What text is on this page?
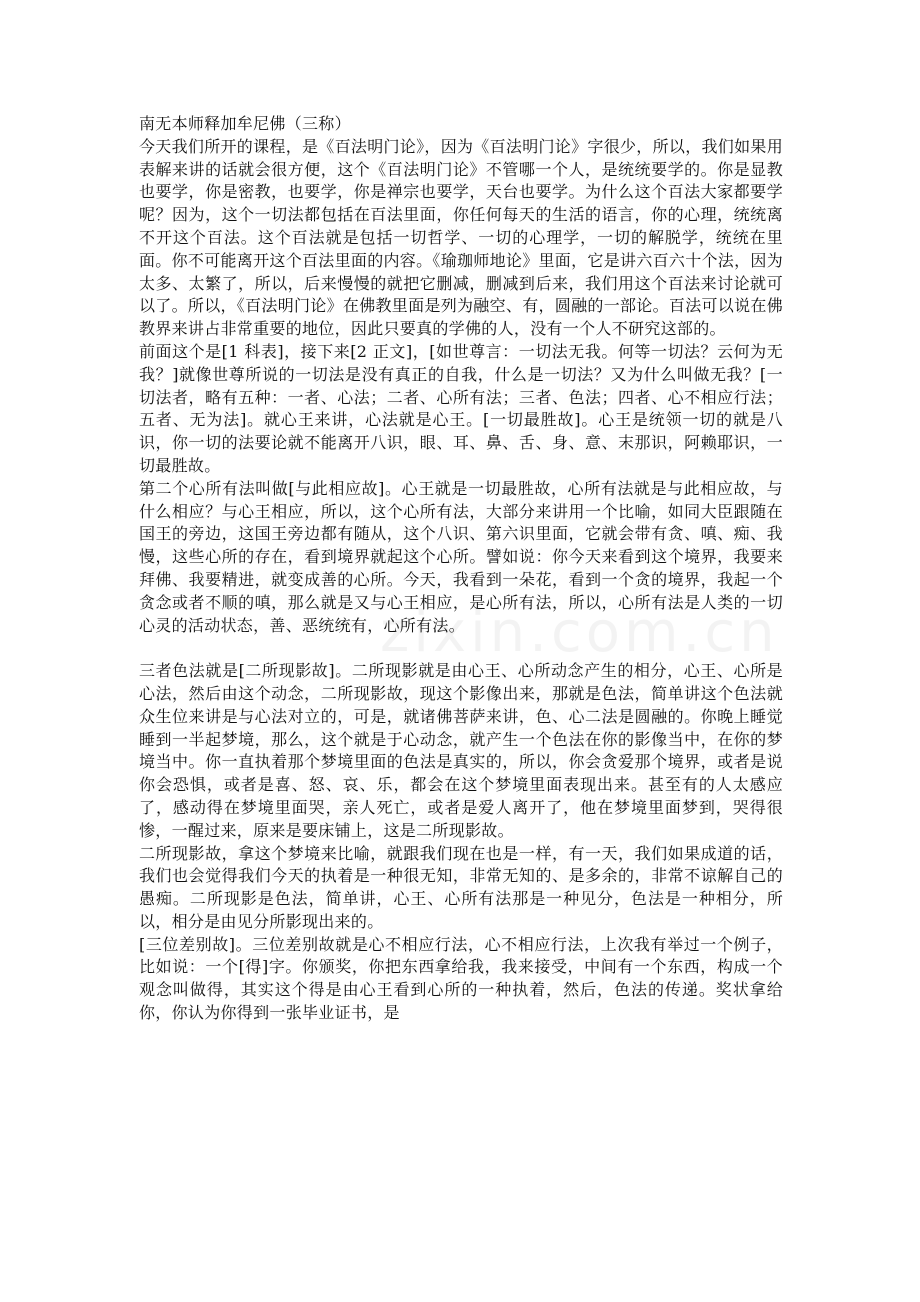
南无本师释加牟尼佛（三称）

今天我们所开的课程，是《百法明门论》，因为《百法明门论》字很少，所以，我们如果用表解来讲的话就会很方便，这个《百法明门论》不管哪一个人，是统统要学的。你是显教也要学，你是密教，也要学，你是禅宗也要学，天台也要学。为什么这个百法大家都要学呢？因为，这个一切法都包括在百法里面，你任何每天的生活的语言，你的心理，统统离不开这个百法。这个百法就是包括一切哲学、一切的心理学，一切的解脱学，统统在里面。你不可能离开这个百法里面的内容。《瑜珈师地论》里面，它是讲六百六十个法，因为太多、太繁了，所以，后来慢慢的就把它删减，删减到后来，我们用这个百法来讨论就可以了。所以，《百法明门论》在佛教里面是列为融空、有，圆融的一部论。百法可以说在佛教界来讲占非常重要的地位，因此只要真的学佛的人，没有一个人不研究这部的。

前面这个是[1 科表]，接下来[2 正文]，[如世尊言：一切法无我。何等一切法？云何为无我？]就像世尊所说的一切法是没有真正的自我，什么是一切法？又为什么叫做无我？[一切法者，略有五种：一者、心法；二者、心所有法；三者、色法；四者、心不相应行法；五者、无为法]。就心王来讲，心法就是心王。[一切最胜故]。心王是统领一切的就是八识，你一切的法要论就不能离开八识，眼、耳、鼻、舌、身、意、末那识，阿赖耶识，一切最胜故。

第二个心所有法叫做[与此相应故]。心王就是一切最胜故，心所有法就是与此相应故，与什么相应？与心王相应，所以，这个心所有法，大部分来讲用一个比喻，如同大臣跟随在国王的旁边，这国王旁边都有随从，这个八识、第六识里面，它就会带有贪、嗔、痴、我慢，这些心所的存在，看到境界就起这个心所。譬如说：你今天来看到这个境界，我要来拜佛、我要精进，就变成善的心所。今天，我看到一朵花，看到一个贪的境界，我起一个贪念或者不顺的嗔，那么就是又与心王相应，是心所有法，所以，心所有法是人类的一切心灵的活动状态，善、恶统统有，心所有法。

三者色法就是[二所现影故]。二所现影就是由心王、心所动念产生的相分，心王、心所是心法，然后由这个动念，二所现影故，现这个影像出来，那就是色法，简单讲这个色法就众生位来讲是与心法对立的，可是，就诸佛菩萨来讲，色、心二法是圆融的。你晚上睡觉睡到一半起梦境，那么，这个就是于心动念，就产生一个色法在你的影像当中，在你的梦境当中。你一直执着那个梦境里面的色法是真实的，所以，你会贪爱那个境界，或者是说你会恐惧，或者是喜、怒、哀、乐，都会在这个梦境里面表现出来。甚至有的人太感应了，感动得在梦境里面哭，亲人死亡，或者是爱人离开了，他在梦境里面梦到，哭得很惨，一醒过来，原来是要床铺上，这是二所现影故。

二所现影故，拿这个梦境来比喻，就跟我们现在也是一样，有一天，我们如果成道的话，我们也会觉得我们今天的执着是一种很无知，非常无知的、是多余的，非常不谅解自己的愚痴。二所现影是色法，简单讲，心王、心所有法那是一种见分，色法是一种相分，所以，相分是由见分所影现出来的。

[三位差别故]。三位差别故就是心不相应行法，心不相应行法，上次我有举过一个例子，比如说：一个[得]字。你颁奖，你把东西拿给我，我来接受，中间有一个东西，构成一个观念叫做得，其实这个得是由心王看到心所的一种执着，然后，色法的传递。奖状拿给你，你认为你得到一张毕业证书，是
